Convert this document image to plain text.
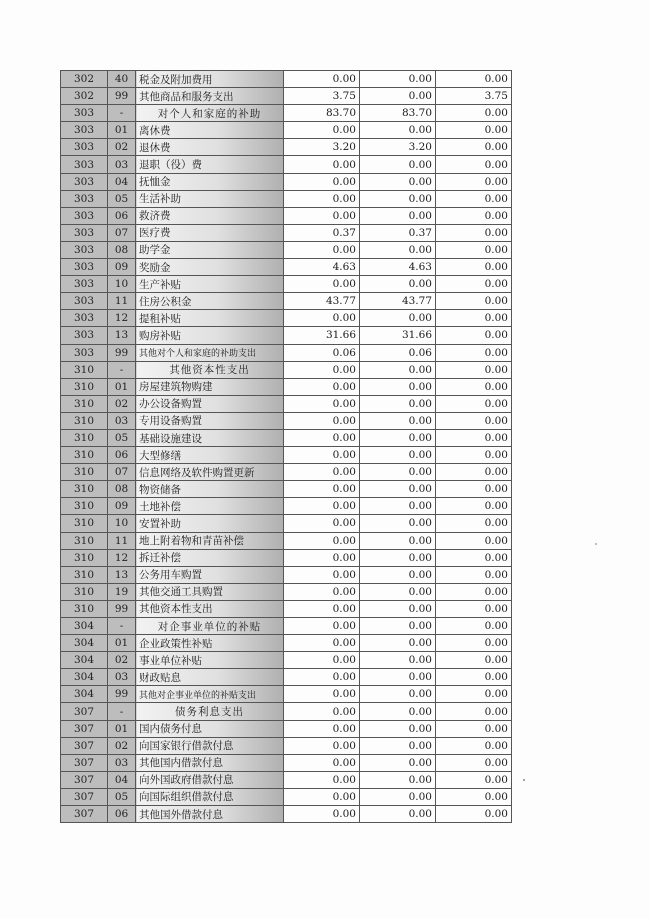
302	40	税金及附加费用	0.00	0.00	0.00
302	99	其他商品和服务支出	3.75	0.00	3.75
303	-	对个人和家庭的补助	83.70	83.70	0.00
303	01	离休费	0.00	0.00	0.00
303	02	退休费	3.20	3.20	0.00
303	03	退职（役）费	0.00	0.00	0.00
303	04	抚恤金	0.00	0.00	0.00
303	05	生活补助	0.00	0.00	0.00
303	06	救济费	0.00	0.00	0.00
303	07	医疗费	0.37	0.37	0.00
303	08	助学金	0.00	0.00	0.00
303	09	奖励金	4.63	4.63	0.00
303	10	生产补贴	0.00	0.00	0.00
303	11	住房公积金	43.77	43.77	0.00
303	12	提租补贴	0.00	0.00	0.00
303	13	购房补贴	31.66	31.66	0.00
303	99	其他对个人和家庭的补助支出	0.06	0.06	0.00
310	-	其他资本性支出	0.00	0.00	0.00
310	01	房屋建筑物购建	0.00	0.00	0.00
310	02	办公设备购置	0.00	0.00	0.00
310	03	专用设备购置	0.00	0.00	0.00
310	05	基础设施建设	0.00	0.00	0.00
310	06	大型修缮	0.00	0.00	0.00
310	07	信息网络及软件购置更新	0.00	0.00	0.00
310	08	物资储备	0.00	0.00	0.00
310	09	土地补偿	0.00	0.00	0.00
310	10	安置补助	0.00	0.00	0.00
310	11	地上附着物和青苗补偿	0.00	0.00	0.00
310	12	拆迁补偿	0.00	0.00	0.00
310	13	公务用车购置	0.00	0.00	0.00
310	19	其他交通工具购置	0.00	0.00	0.00
310	99	其他资本性支出	0.00	0.00	0.00
304	-	对企事业单位的补贴	0.00	0.00	0.00
304	01	企业政策性补贴	0.00	0.00	0.00
304	02	事业单位补贴	0.00	0.00	0.00
304	03	财政贴息	0.00	0.00	0.00
304	99	其他对企事业单位的补贴支出	0.00	0.00	0.00
307	-	债务利息支出	0.00	0.00	0.00
307	01	国内债务付息	0.00	0.00	0.00
307	02	向国家银行借款付息	0.00	0.00	0.00
307	03	其他国内借款付息	0.00	0.00	0.00
307	04	向外国政府借款付息	0.00	0.00	0.00
307	05	向国际组织借款付息	0.00	0.00	0.00
307	06	其他国外借款付息	0.00	0.00	0.00
